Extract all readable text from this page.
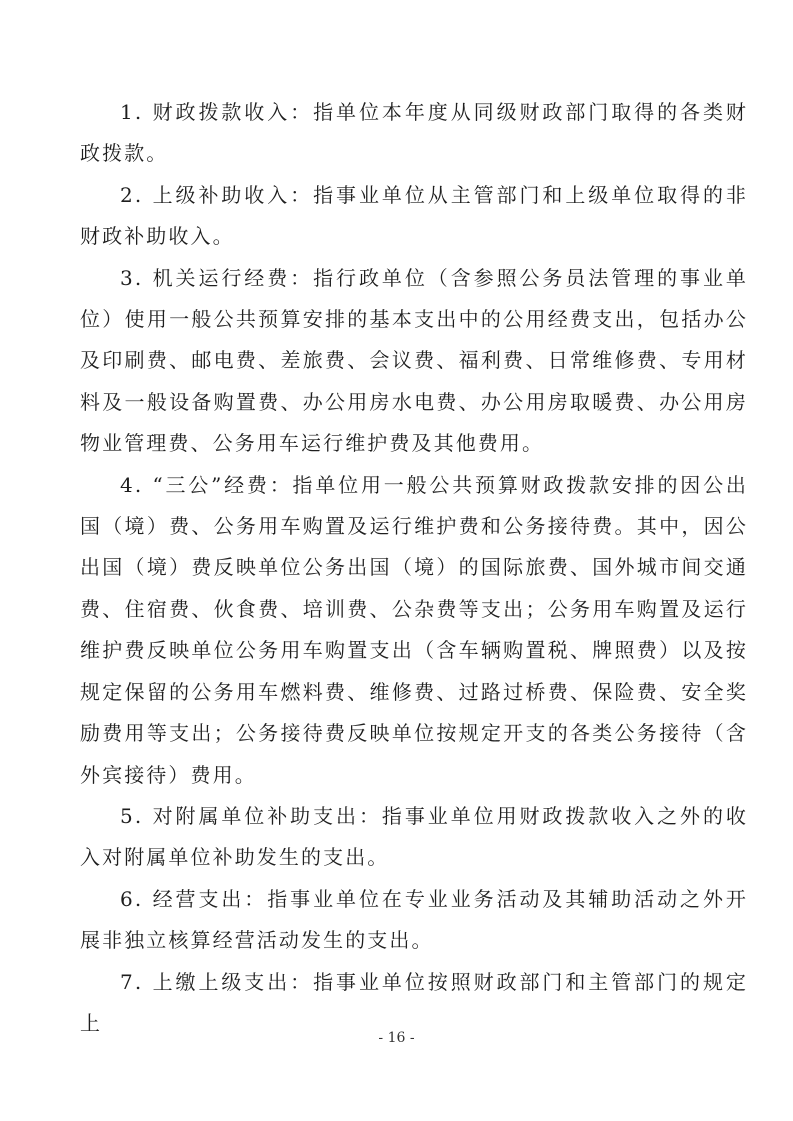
1. 财政拨款收入：指单位本年度从同级财政部门取得的各类财政拨款。

2. 上级补助收入：指事业单位从主管部门和上级单位取得的非财政补助收入。

3. 机关运行经费：指行政单位（含参照公务员法管理的事业单位）使用一般公共预算安排的基本支出中的公用经费支出，包括办公及印刷费、邮电费、差旅费、会议费、福利费、日常维修费、专用材料及一般设备购置费、办公用房水电费、办公用房取暖费、办公用房物业管理费、公务用车运行维护费及其他费用。

4. “三公”经费：指单位用一般公共预算财政拨款安排的因公出国（境）费、公务用车购置及运行维护费和公务接待费。其中，因公出国（境）费反映单位公务出国（境）的国际旅费、国外城市间交通费、住宿费、伙食费、培训费、公杂费等支出；公务用车购置及运行维护费反映单位公务用车购置支出（含车辆购置税、牌照费）以及按规定保留的公务用车燃料费、维修费、过路过桥费、保险费、安全奖励费用等支出；公务接待费反映单位按规定开支的各类公务接待（含外宾接待）费用。

5. 对附属单位补助支出：指事业单位用财政拨款收入之外的收入对附属单位补助发生的支出。

6. 经营支出：指事业单位在专业业务活动及其辅助活动之外开展非独立核算经营活动发生的支出。

7. 上缴上级支出：指事业单位按照财政部门和主管部门的规定上

- 16 -
